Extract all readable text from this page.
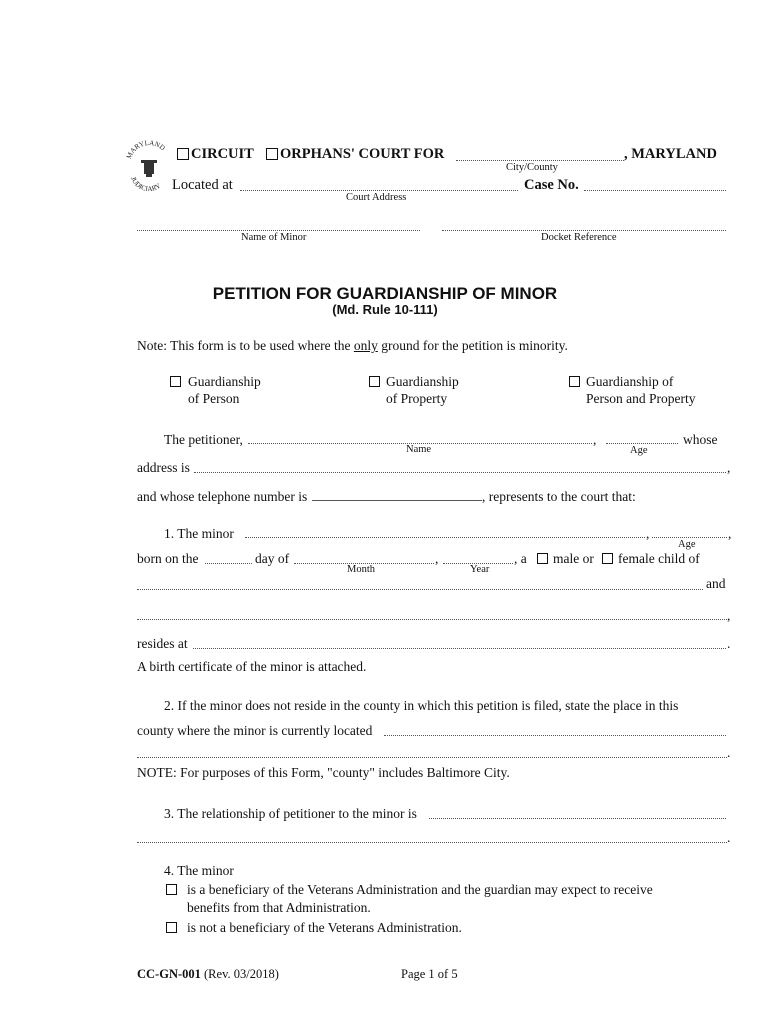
MARYLAND
JUDICIARY
CIRCUIT ORPHANS' COURT FOR
City/County
, MARYLAND
Located at
Court Address
Case No.
Name of Minor	Docket Reference
PETITION FOR GUARDIANSHIP OF MINOR
(Md. Rule 10-111)
Note: This form is to be used where the only ground for the petition is minority.
Guardianship
of Person
Guardianship
of Property
Guardianship of
Person and Property
The petitioner,
Name
,
Age
whose
address is	,
and whose telephone number is	, represents to the court that:
1. The minor	,	,
Age
born on the	day of
Month
,
Year
, a male or female child of
and
,
resides at	.
A birth certificate of the minor is attached.
2. If the minor does not reside in the county in which this petition is filed, state the place in this
county where the minor is currently located
.
NOTE: For purposes of this Form, "county" includes Baltimore City.
3. The relationship of petitioner to the minor is
.
4. The minor
is a beneficiary of the Veterans Administration and the guardian may expect to receive
benefits from that Administration.
is not a beneficiary of the Veterans Administration.
CC-GN-001 (Rev. 03/2018)	Page 1 of 5
